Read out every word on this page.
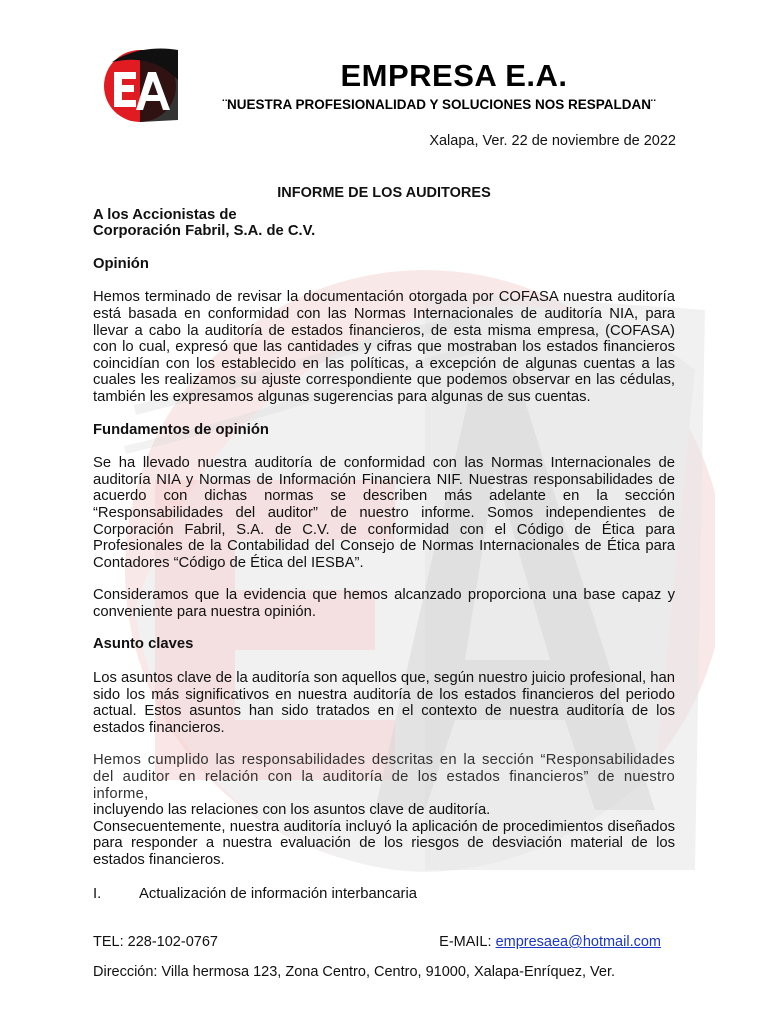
EMPRESA E.A.

¨NUESTRA PROFESIONALIDAD Y SOLUCIONES NOS RESPALDAN¨

Xalapa, Ver. 22 de noviembre de 2022

INFORME DE LOS AUDITORES

A los Accionistas de

Corporación Fabril, S.A. de C.V.

Opinión

Hemos terminado de revisar la documentación otorgada por COFASA nuestra auditoría está basada en conformidad con las Normas Internacionales de auditoría NIA, para llevar a cabo la auditoría de estados financieros, de esta misma empresa, (COFASA) con lo cual, expresó que las cantidades y cifras que mostraban los estados financieros coincidían con los establecido en las políticas, a excepción de algunas cuentas a las cuales les realizamos su ajuste correspondiente que podemos observar en las cédulas, también les expresamos algunas sugerencias para algunas de sus cuentas.

Fundamentos de opinión

Se ha llevado nuestra auditoría de conformidad con las Normas Internacionales de auditoría NIA y Normas de Información Financiera NIF. Nuestras responsabilidades de acuerdo con dichas normas se describen más adelante en la sección “Responsabilidades del auditor” de nuestro informe. Somos independientes de Corporación Fabril, S.A. de C.V. de conformidad con el Código de Ética para Profesionales de la Contabilidad del Consejo de Normas Internacionales de Ética para Contadores “Código de Ética del IESBA”.

Consideramos que la evidencia que hemos alcanzado proporciona una base capaz y conveniente para nuestra opinión.

Asunto claves

Los asuntos clave de la auditoría son aquellos que, según nuestro juicio profesional, han sido los más significativos en nuestra auditoría de los estados financieros del periodo actual. Estos asuntos han sido tratados en el contexto de nuestra auditoría de los estados financieros.

Hemos cumplido las responsabilidades descritas en la sección “Responsabilidades del auditor en relación con la auditoría de los estados financieros” de nuestro informe,

incluyendo las relaciones con los asuntos clave de auditoría.

Consecuentemente, nuestra auditoría incluyó la aplicación de procedimientos diseñados para responder a nuestra evaluación de los riesgos de desviación material de los estados financieros.

I.	Actualización de información interbancaria

TEL: 228-102-0767	E-MAIL: empresaea@hotmail.com
Dirección: Villa hermosa 123, Zona Centro, Centro, 91000, Xalapa-Enríquez, Ver.
